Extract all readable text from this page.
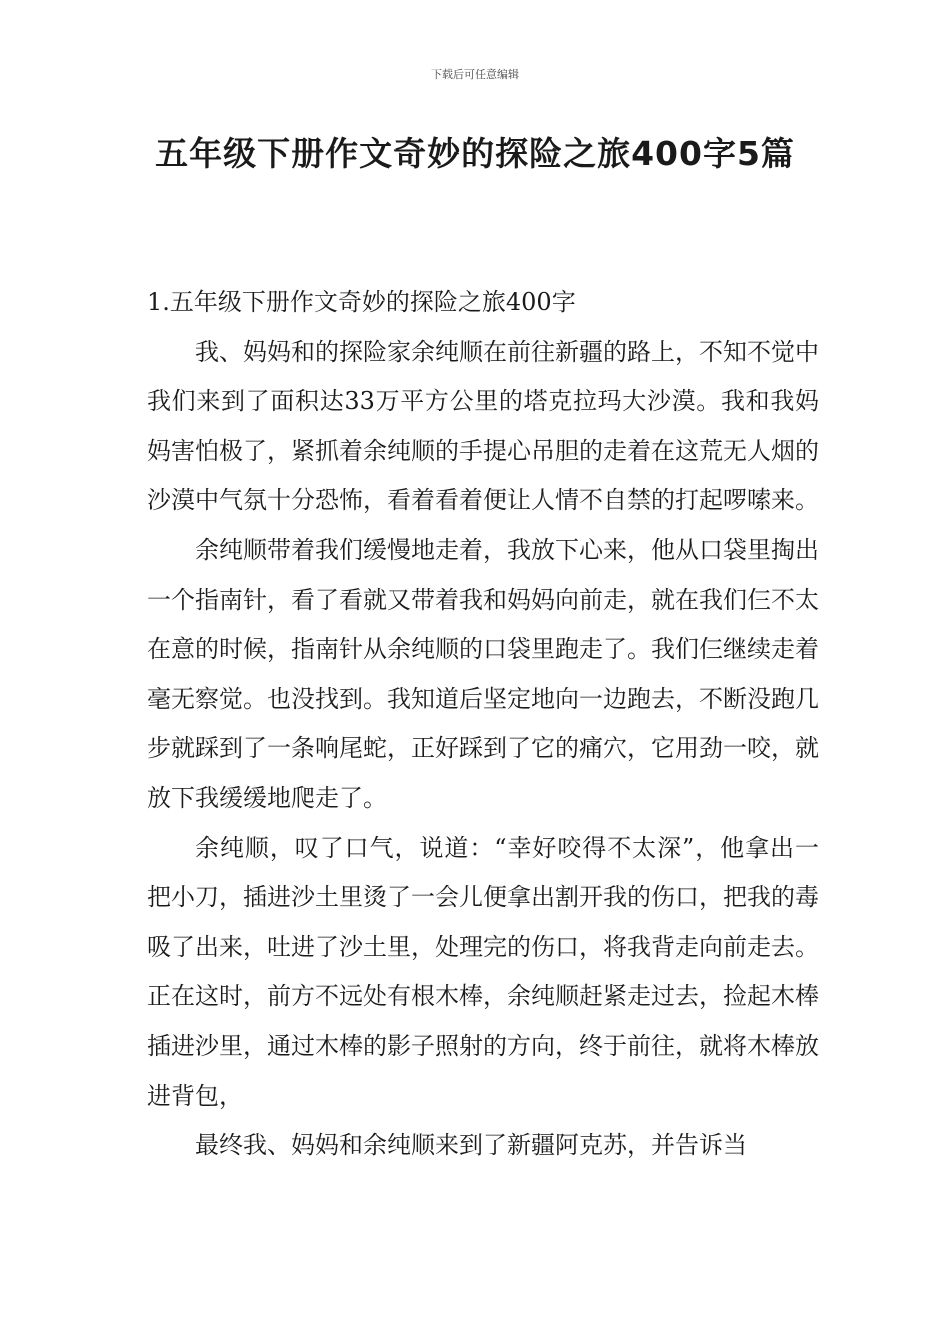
下载后可任意编辑
五年级下册作文奇妙的探险之旅400字5篇
1.五年级下册作文奇妙的探险之旅400字

我、妈妈和的探险家余纯顺在前往新疆的路上，不知不觉中我们来到了面积达33万平方公里的塔克拉玛大沙漠。我和我妈妈害怕极了，紧抓着余纯顺的手提心吊胆的走着在这荒无人烟的沙漠中气氛十分恐怖，看着看着便让人情不自禁的打起啰嗦来。

余纯顺带着我们缓慢地走着，我放下心来，他从口袋里掏出一个指南针，看了看就又带着我和妈妈向前走，就在我们仨不太在意的时候，指南针从余纯顺的口袋里跑走了。我们仨继续走着毫无察觉。也没找到。我知道后坚定地向一边跑去，不断没跑几步就踩到了一条响尾蛇，正好踩到了它的痛穴，它用劲一咬，就放下我缓缓地爬走了。

余纯顺，叹了口气，说道：“幸好咬得不太深”，他拿出一把小刀，插进沙土里烫了一会儿便拿出割开我的伤口，把我的毒吸了出来，吐进了沙土里，处理完的伤口，将我背走向前走去。正在这时，前方不远处有根木棒，余纯顺赶紧走过去，捡起木棒插进沙里，通过木棒的影子照射的方向，终于前往，就将木棒放进背包，

最终我、妈妈和余纯顺来到了新疆阿克苏，并告诉当
